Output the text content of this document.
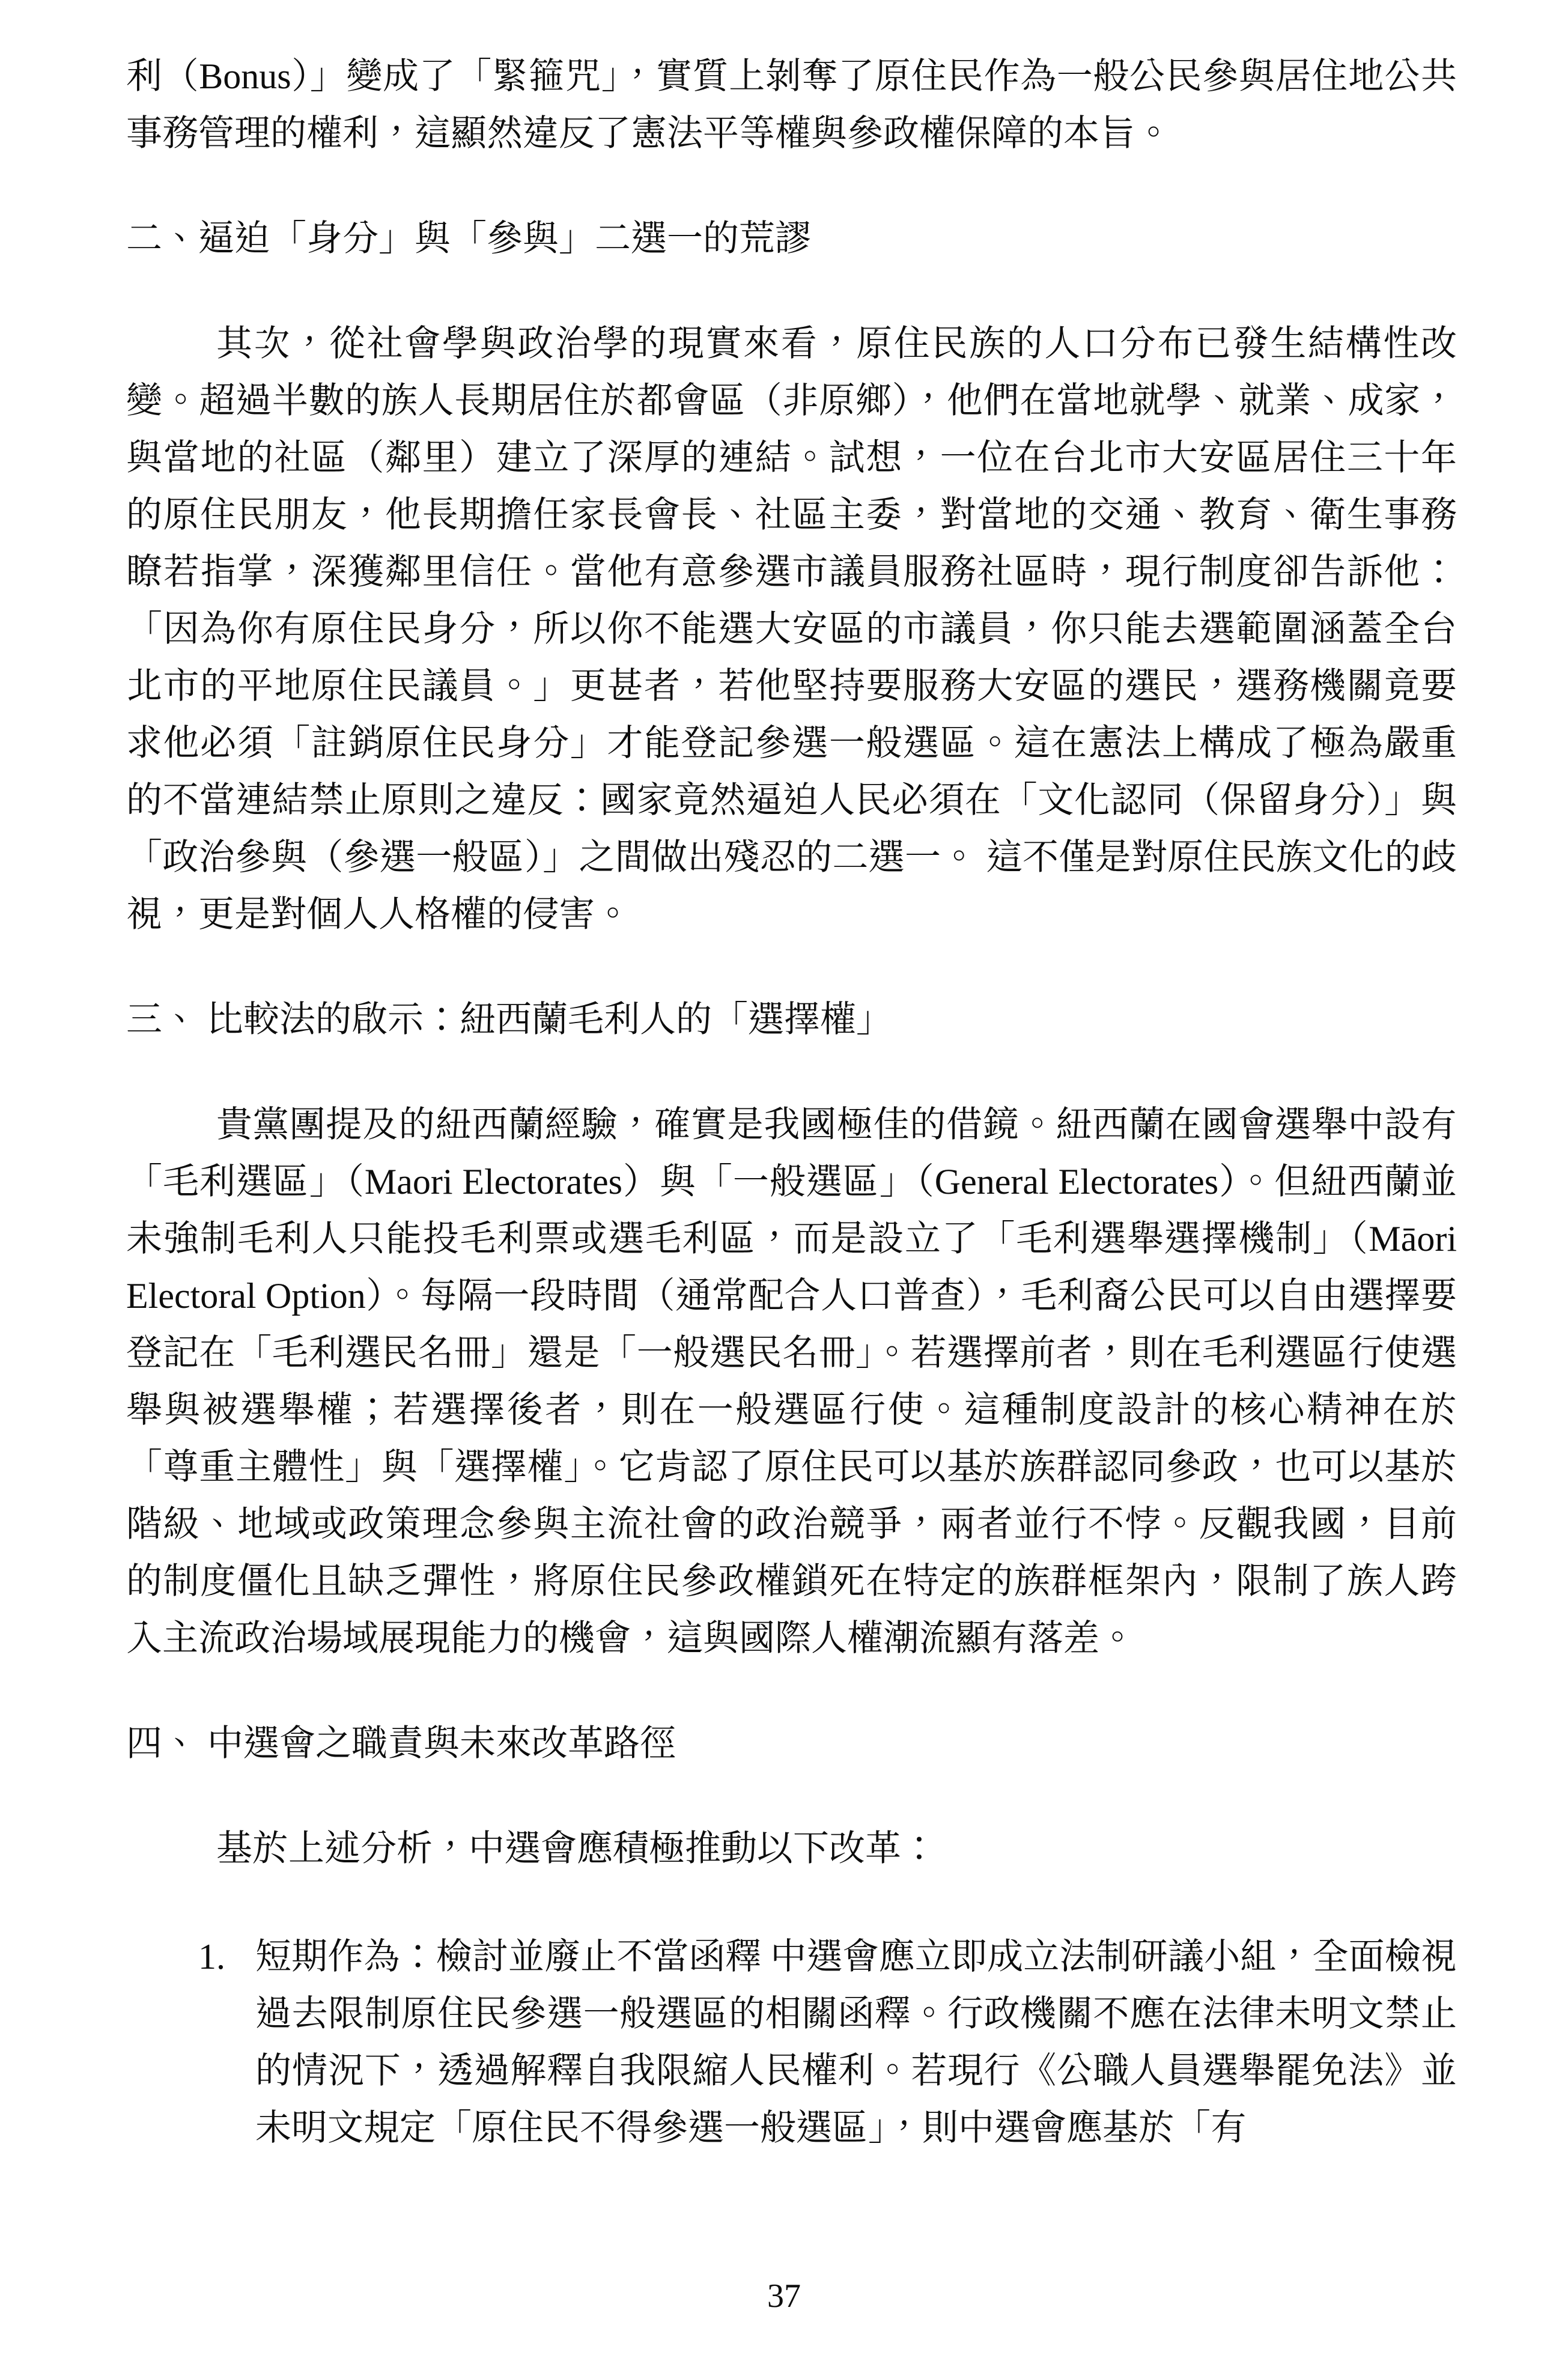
利（Bonus）」變成了「緊箍咒」，實質上剝奪了原住民作為一般公民參與居住地公共事務管理的權利，這顯然違反了憲法平等權與參政權保障的本旨。

二、逼迫「身分」與「參與」二選一的荒謬

其次，從社會學與政治學的現實來看，原住民族的人口分布已發生結構性改變。超過半數的族人長期居住於都會區（非原鄉），他們在當地就學、就業、成家，與當地的社區（鄰里）建立了深厚的連結。試想，一位在台北市大安區居住三十年的原住民朋友，他長期擔任家長會長、社區主委，對當地的交通、教育、衛生事務瞭若指掌，深獲鄰里信任。當他有意參選市議員服務社區時，現行制度卻告訴他：「因為你有原住民身分，所以你不能選大安區的市議員，你只能去選範圍涵蓋全台北市的平地原住民議員。」更甚者，若他堅持要服務大安區的選民，選務機關竟要求他必須「註銷原住民身分」才能登記參選一般選區。這在憲法上構成了極為嚴重的不當連結禁止原則之違反：國家竟然逼迫人民必須在「文化認同（保留身分）」與「政治參與（參選一般區）」之間做出殘忍的二選一。 這不僅是對原住民族文化的歧視，更是對個人人格權的侵害。

三、 比較法的啟示：紐西蘭毛利人的「選擇權」

貴黨團提及的紐西蘭經驗，確實是我國極佳的借鏡。紐西蘭在國會選舉中設有「毛利選區」（Maori Electorates）與「一般選區」（General Electorates）。但紐西蘭並未強制毛利人只能投毛利票或選毛利區，而是設立了「毛利選舉選擇機制」（Māori Electoral Option）。每隔一段時間（通常配合人口普查），毛利裔公民可以自由選擇要登記在「毛利選民名冊」還是「一般選民名冊」。若選擇前者，則在毛利選區行使選舉與被選舉權；若選擇後者，則在一般選區行使。這種制度設計的核心精神在於「尊重主體性」與「選擇權」。它肯認了原住民可以基於族群認同參政，也可以基於階級、地域或政策理念參與主流社會的政治競爭，兩者並行不悖。反觀我國，目前的制度僵化且缺乏彈性，將原住民參政權鎖死在特定的族群框架內，限制了族人跨入主流政治場域展現能力的機會，這與國際人權潮流顯有落差。

四、 中選會之職責與未來改革路徑

基於上述分析，中選會應積極推動以下改革：

1. 短期作為：檢討並廢止不當函釋 中選會應立即成立法制研議小組，全面檢視過去限制原住民參選一般選區的相關函釋。行政機關不應在法律未明文禁止的情況下，透過解釋自我限縮人民權利。若現行《公職人員選舉罷免法》並未明文規定「原住民不得參選一般選區」，則中選會應基於「有
37
